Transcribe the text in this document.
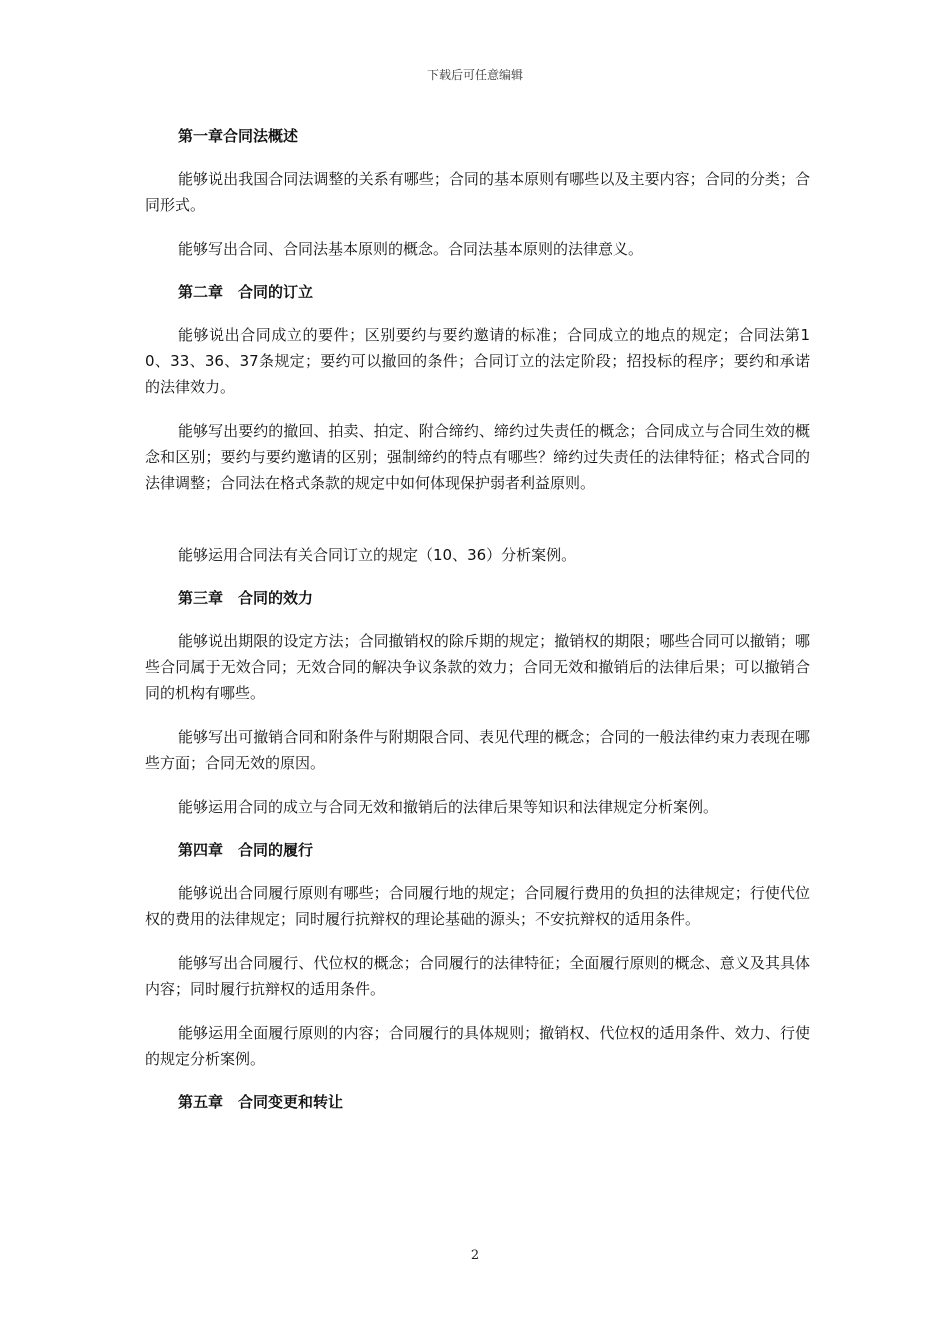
下载后可任意编辑
第一章合同法概述

能够说出我国合同法调整的关系有哪些；合同的基本原则有哪些以及主要内容；合同的分类；合同形式。

能够写出合同、合同法基本原则的概念。合同法基本原则的法律意义。

第二章　合同的订立

能够说出合同成立的要件；区别要约与要约邀请的标准；合同成立的地点的规定；合同法第10、33、36、37条规定；要约可以撤回的条件；合同订立的法定阶段；招投标的程序；要约和承诺的法律效力。

能够写出要约的撤回、拍卖、拍定、附合缔约、缔约过失责任的概念；合同成立与合同生效的概念和区别；要约与要约邀请的区别；强制缔约的特点有哪些？缔约过失责任的法律特征；格式合同的法律调整；合同法在格式条款的规定中如何体现保护弱者利益原则。

能够运用合同法有关合同订立的规定（10、36）分析案例。

第三章　合同的效力

能够说出期限的设定方法；合同撤销权的除斥期的规定；撤销权的期限；哪些合同可以撤销；哪些合同属于无效合同；无效合同的解决争议条款的效力；合同无效和撤销后的法律后果；可以撤销合同的机构有哪些。

能够写出可撤销合同和附条件与附期限合同、表见代理的概念；合同的一般法律约束力表现在哪些方面；合同无效的原因。

能够运用合同的成立与合同无效和撤销后的法律后果等知识和法律规定分析案例。

第四章　合同的履行

能够说出合同履行原则有哪些；合同履行地的规定；合同履行费用的负担的法律规定；行使代位权的费用的法律规定；同时履行抗辩权的理论基础的源头；不安抗辩权的适用条件。

能够写出合同履行、代位权的概念；合同履行的法律特征；全面履行原则的概念、意义及其具体内容；同时履行抗辩权的适用条件。

能够运用全面履行原则的内容；合同履行的具体规则；撤销权、代位权的适用条件、效力、行使的规定分析案例。

第五章　合同变更和转让
2
